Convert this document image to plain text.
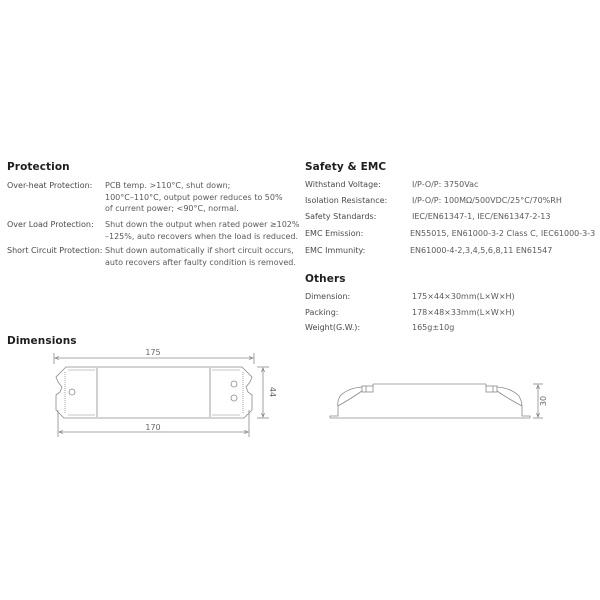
Protection
Over-heat Protection: PCB temp. >110°C, shut down;
100°C–110°C, output power reduces to 50%
of current power; <90°C, normal.
Over Load Protection: Shut down the output when rated power ≥102%
–125%, auto recovers when the load is reduced.
Short Circuit Protection: Shut down automatically if short circuit occurs,
auto recovers after faulty condition is removed.
Safety & EMC
Withstand Voltage:	I/P-O/P: 3750Vac
Isolation Resistance:	I/P-O/P: 100MΩ/500VDC/25°C/70%RH
Safety Standards:	IEC/EN61347-1, IEC/EN61347-2-13
EMC Emission:	EN55015, EN61000-3-2 Class C, IEC61000-3-3
EMC Immunity:	EN61000-4-2,3,4,5,6,8,11 EN61547
Others
Dimension:	175×44×30mm(L×W×H)
Packing:	178×48×33mm(L×W×H)
Weight(G.W.):	165g±10g
Dimensions
175
170
44
30
